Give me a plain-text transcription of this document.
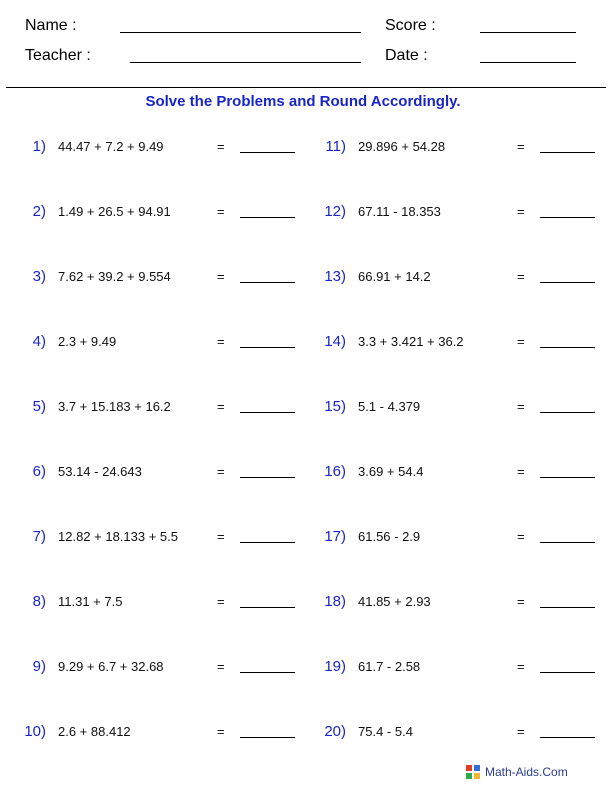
Name :	Score :
Teacher :	Date :
Solve the Problems and Round Accordingly.
1) 44.47 + 7.2 + 9.49	=
2) 1.49 + 26.5 + 94.91	=
3) 7.62 + 39.2 + 9.554	=
4) 2.3 + 9.49	=
5) 3.7 + 15.183 + 16.2	=
6) 53.14 - 24.643	=
7) 12.82 + 18.133 + 5.5	=
8) 11.31 + 7.5	=
9) 9.29 + 6.7 + 32.68	=
10) 2.6 + 88.412	=
11) 29.896 + 54.28	=
12) 67.11 - 18.353	=
13) 66.91 + 14.2	=
14) 3.3 + 3.421 + 36.2	=
15) 5.1 - 4.379	=
16) 3.69 + 54.4	=
17) 61.56 - 2.9	=
18) 41.85 + 2.93	=
19) 61.7 - 2.58	=
20) 75.4 - 5.4	=
Math-Aids.Com
